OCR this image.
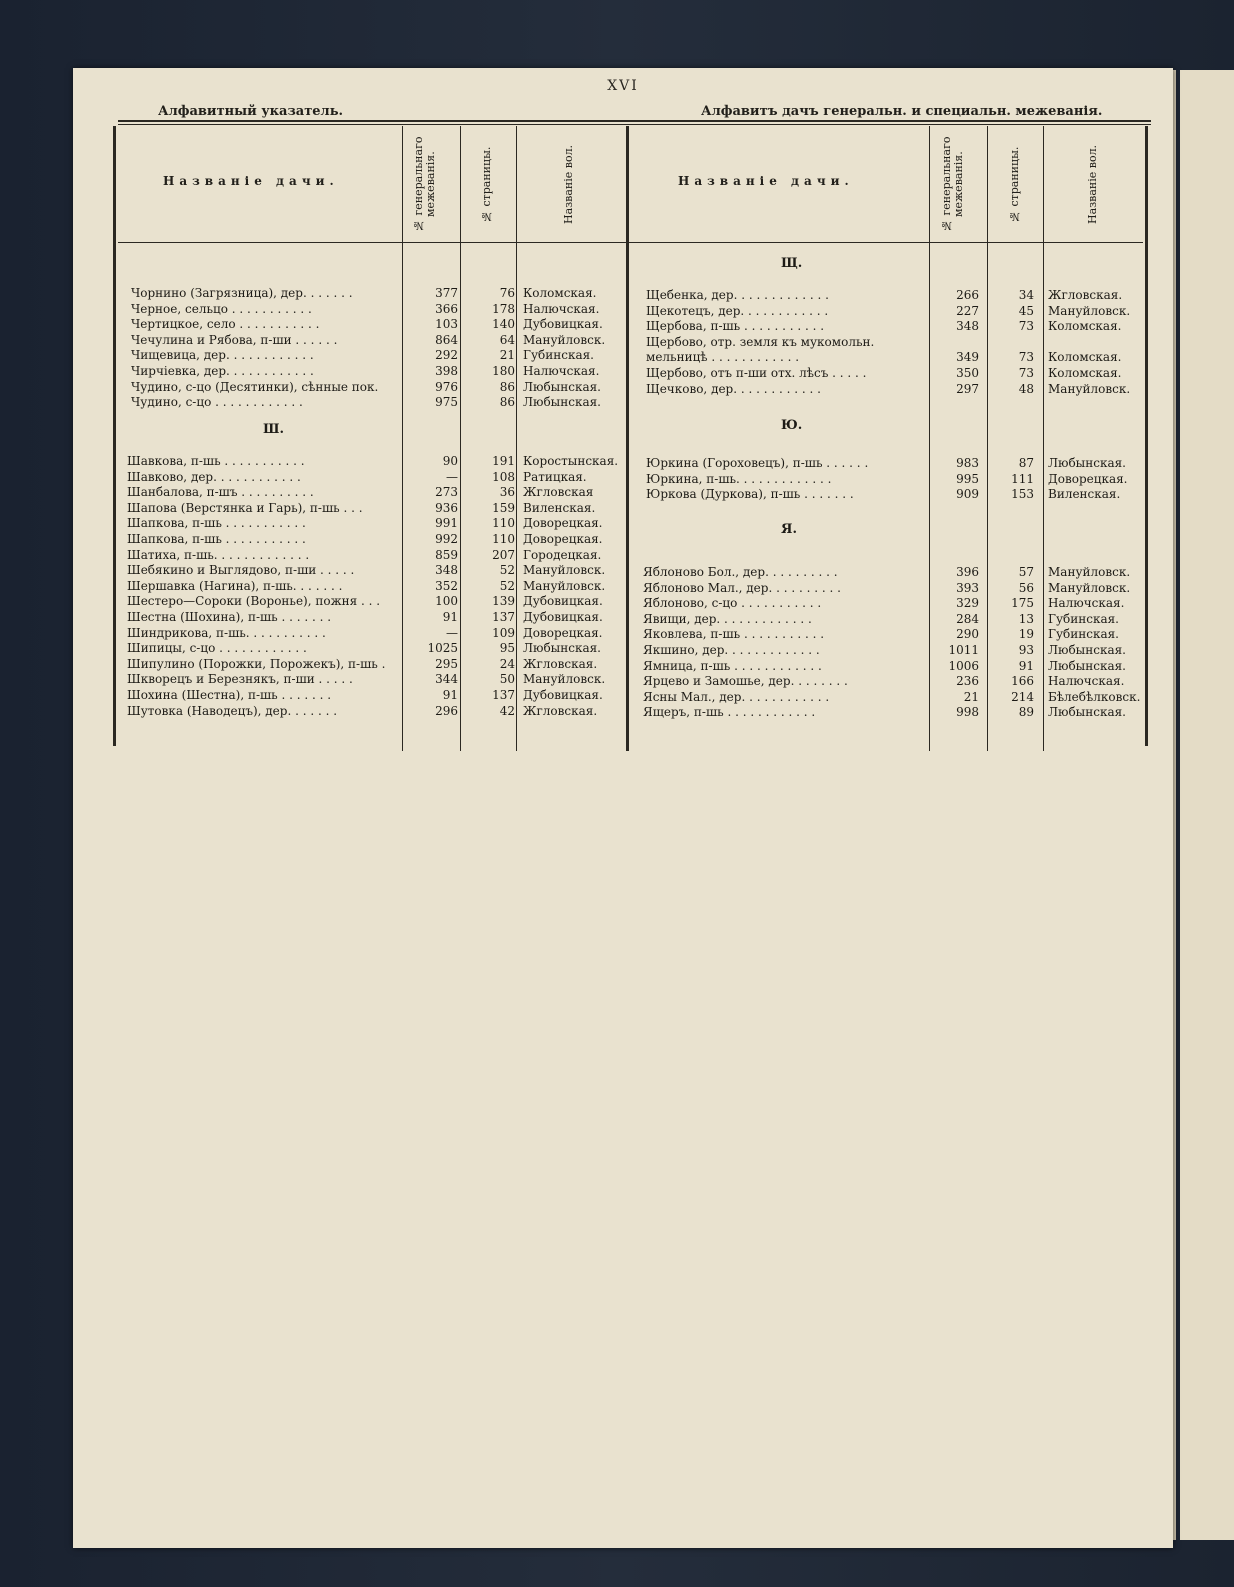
XVI
Алфавитный указатель.	Алфавитъ дачъ генеральн. и специальн. межеванія.
Названіе дачи.	№ генеральнаго межеванія.	№ страницы.	Названіе вол.	Названіе дачи.	№ генеральнаго межеванія.	№ страницы.	Названіе вол.
Чорнино (Загрязница), дер. . . . . . .	377	76 Коломская.
Черное, сельцо . . . . . . . . . . .	366	178 Налючская.
Чертицкое, село . . . . . . . . . . .	103	140 Дубовицкая.
Чечулина и Рябова, п-ши . . . . . .	864	64 Мануйловск.
Чищевица, дер. . . . . . . . . . . .	292	21 Губинская.
Чирчіевка, дер. . . . . . . . . . . .	398	180 Налючская.
Чудино, с-цо (Десятинки), сѣнные пок.	976	86 Любынская.
Чудино, с-цо . . . . . . . . . . . .	975	86 Любынская.
Ш.
Шавкова, п-шь . . . . . . . . . . .	90	191 Коростынская.
Шавково, дер. . . . . . . . . . . .	—	108 Ратицкая.
Шанбалова, п-шъ . . . . . . . . . .	273	36 Жгловская
Шапова (Верстянка и Гарь), п-шь . . .	936	159 Виленская.
Шапкова, п-шь . . . . . . . . . . .	991	110 Доворецкая.
Шапкова, п-шь . . . . . . . . . . .	992	110 Доворецкая.
Шатиха, п-шь. . . . . . . . . . . . .	859	207 Городецкая.
Шебякино и Выглядово, п-ши . . . . .	348	52 Мануйловск.
Шершавка (Нагина), п-шь. . . . . . .	352	52 Мануйловск.
Шестеро—Сороки (Воронье), пожня . . .	100	139 Дубовицкая.
Шестна (Шохина), п-шь . . . . . . .	91	137 Дубовицкая.
Шиндрикова, п-шь. . . . . . . . . . .	—	109 Доворецкая.
Шипицы, с-цо . . . . . . . . . . . .	1025	95 Любынская.
Шипулино (Порожки, Порожекъ), п-шь .	295	24 Жгловская.
Шкворецъ и Березнякъ, п-ши . . . . .	344	50 Мануйловск.
Шохина (Шестна), п-шь . . . . . . .	91	137 Дубовицкая.
Шутовка (Наводецъ), дер. . . . . . .	296	42 Жгловская.
Щ.
Щебенка, дер. . . . . . . . . . . . .	266	34 Жгловская.
Щекотецъ, дер. . . . . . . . . . . .	227	45 Мануйловск.
Щербова, п-шь . . . . . . . . . . .	348	73 Коломская.
Щербово, отр. земля къ мукомольн.
мельницѣ . . . . . . . . . . . .	349	73 Коломская.
Щербово, отъ п-ши отх. лѣсъ . . . . .	350	73 Коломская.
Щечково, дер. . . . . . . . . . . .	297	48 Мануйловск.
Ю.
Юркина (Гороховецъ), п-шь . . . . . .	983	87 Любынская.
Юркина, п-шь. . . . . . . . . . . . .	995	111 Доворецкая.
Юркова (Дуркова), п-шь . . . . . . .	909	153 Виленская.
Я.
Яблоново Бол., дер. . . . . . . . . .	396	57 Мануйловск.
Яблоново Мал., дер. . . . . . . . . .	393	56 Мануйловск.
Яблоново, с-цо . . . . . . . . . . .	329	175 Налючская.
Явищи, дер. . . . . . . . . . . . .	284	13 Губинская.
Яковлева, п-шь . . . . . . . . . . .	290	19 Губинская.
Якшино, дер. . . . . . . . . . . . .	1011	93 Любынская.
Ямница, п-шь . . . . . . . . . . . .	1006	91 Любынская.
Ярцево и Замошье, дер. . . . . . . .	236	166 Налючская.
Ясны Мал., дер. . . . . . . . . . . .	21	214 Бѣлебѣлковск.
Ящеръ, п-шь . . . . . . . . . . . .	998	89 Любынская.
